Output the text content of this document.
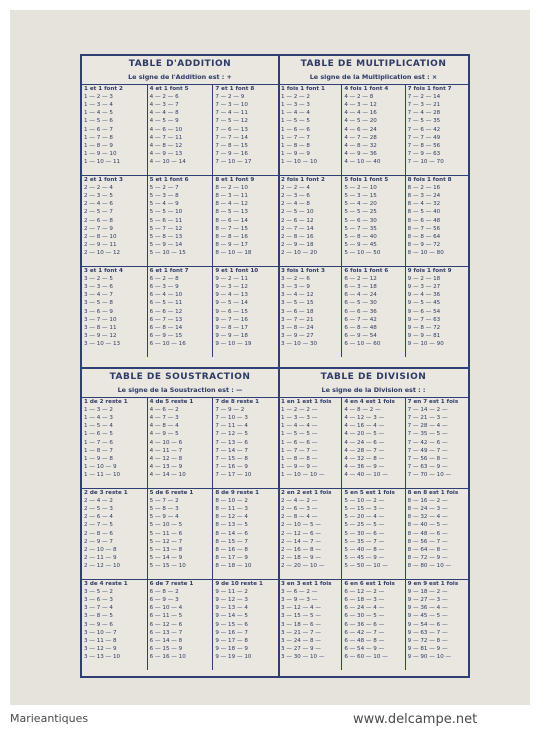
TABLE D'ADDITION
Le signe de l'Addition est : +
1 et 1 font 2
1 — 2 — 3
1 — 3 — 4
1 — 4 — 5
1 — 5 — 6
1 — 6 — 7
1 — 7 — 8
1 — 8 — 9
1 — 9 — 10
1 — 10 — 11
4 et 1 font 5
4 — 2 — 6
4 — 3 — 7
4 — 4 — 8
4 — 5 — 9
4 — 6 — 10
4 — 7 — 11
4 — 8 — 12
4 — 9 — 13
4 — 10 — 14
7 et 1 font 8
7 — 2 — 9
7 — 3 — 10
7 — 4 — 11
7 — 5 — 12
7 — 6 — 13
7 — 7 — 14
7 — 8 — 15
7 — 9 — 16
7 — 10 — 17
2 et 1 font 3
2 — 2 — 4
2 — 3 — 5
2 — 4 — 6
2 — 5 — 7
2 — 6 — 8
2 — 7 — 9
2 — 8 — 10
2 — 9 — 11
2 — 10 — 12
5 et 1 font 6
5 — 2 — 7
5 — 3 — 8
5 — 4 — 9
5 — 5 — 10
5 — 6 — 11
5 — 7 — 12
5 — 8 — 13
5 — 9 — 14
5 — 10 — 15
8 et 1 font 9
8 — 2 — 10
8 — 3 — 11
8 — 4 — 12
8 — 5 — 13
8 — 6 — 14
8 — 7 — 15
8 — 8 — 16
8 — 9 — 17
8 — 10 — 18
3 et 1 font 4
3 — 2 — 5
3 — 3 — 6
3 — 4 — 7
3 — 5 — 8
3 — 6 — 9
3 — 7 — 10
3 — 8 — 11
3 — 9 — 12
3 — 10 — 13
6 et 1 font 7
6 — 2 — 8
6 — 3 — 9
6 — 4 — 10
6 — 5 — 11
6 — 6 — 12
6 — 7 — 13
6 — 8 — 14
6 — 9 — 15
6 — 10 — 16
9 et 1 font 10
9 — 2 — 11
9 — 3 — 12
9 — 4 — 13
9 — 5 — 14
9 — 6 — 15
9 — 7 — 16
9 — 8 — 17
9 — 9 — 18
9 — 10 — 19
TABLE DE MULTIPLICATION
Le signe de la Multiplication est : ×
1 fois 1 font 1
1 — 2 — 2
1 — 3 — 3
1 — 4 — 4
1 — 5 — 5
1 — 6 — 6
1 — 7 — 7
1 — 8 — 8
1 — 9 — 9
1 — 10 — 10
4 fois 1 font 4
4 — 2 — 8
4 — 3 — 12
4 — 4 — 16
4 — 5 — 20
4 — 6 — 24
4 — 7 — 28
4 — 8 — 32
4 — 9 — 36
4 — 10 — 40
7 fois 1 font 7
7 — 2 — 14
7 — 3 — 21
7 — 4 — 28
7 — 5 — 35
7 — 6 — 42
7 — 7 — 49
7 — 8 — 56
7 — 9 — 63
7 — 10 — 70
2 fois 1 font 2
2 — 2 — 4
2 — 3 — 6
2 — 4 — 8
2 — 5 — 10
2 — 6 — 12
2 — 7 — 14
2 — 8 — 16
2 — 9 — 18
2 — 10 — 20
5 fois 1 font 5
5 — 2 — 10
5 — 3 — 15
5 — 4 — 20
5 — 5 — 25
5 — 6 — 30
5 — 7 — 35
5 — 8 — 40
5 — 9 — 45
5 — 10 — 50
8 fois 1 font 8
8 — 2 — 16
8 — 3 — 24
8 — 4 — 32
8 — 5 — 40
8 — 6 — 48
8 — 7 — 56
8 — 8 — 64
8 — 9 — 72
8 — 10 — 80
3 fois 1 font 3
3 — 2 — 6
3 — 3 — 9
3 — 4 — 12
3 — 5 — 15
3 — 6 — 18
3 — 7 — 21
3 — 8 — 24
3 — 9 — 27
3 — 10 — 30
6 fois 1 font 6
6 — 2 — 12
6 — 3 — 18
6 — 4 — 24
6 — 5 — 30
6 — 6 — 36
6 — 7 — 42
6 — 8 — 48
6 — 9 — 54
6 — 10 — 60
9 fois 1 font 9
9 — 2 — 18
9 — 3 — 27
9 — 4 — 36
9 — 5 — 45
9 — 6 — 54
9 — 7 — 63
9 — 8 — 72
9 — 9 — 81
9 — 10 — 90
TABLE DE SOUSTRACTION
Le signe de la Soustraction est : —
1 de 2 reste 1
1 — 3 — 2
1 — 4 — 3
1 — 5 — 4
1 — 6 — 5
1 — 7 — 6
1 — 8 — 7
1 — 9 — 8
1 — 10 — 9
1 — 11 — 10
4 de 5 reste 1
4 — 6 — 2
4 — 7 — 3
4 — 8 — 4
4 — 9 — 5
4 — 10 — 6
4 — 11 — 7
4 — 12 — 8
4 — 13 — 9
4 — 14 — 10
7 de 8 reste 1
7 — 9 — 2
7 — 10 — 3
7 — 11 — 4
7 — 12 — 5
7 — 13 — 6
7 — 14 — 7
7 — 15 — 8
7 — 16 — 9
7 — 17 — 10
2 de 3 reste 1
2 — 4 — 2
2 — 5 — 3
2 — 6 — 4
2 — 7 — 5
2 — 8 — 6
2 — 9 — 7
2 — 10 — 8
2 — 11 — 9
2 — 12 — 10
5 de 6 reste 1
5 — 7 — 2
5 — 8 — 3
5 — 9 — 4
5 — 10 — 5
5 — 11 — 6
5 — 12 — 7
5 — 13 — 8
5 — 14 — 9
5 — 15 — 10
8 de 9 reste 1
8 — 10 — 2
8 — 11 — 3
8 — 12 — 4
8 — 13 — 5
8 — 14 — 6
8 — 15 — 7
8 — 16 — 8
8 — 17 — 9
8 — 18 — 10
3 de 4 reste 1
3 — 5 — 2
3 — 6 — 3
3 — 7 — 4
3 — 8 — 5
3 — 9 — 6
3 — 10 — 7
3 — 11 — 8
3 — 12 — 9
3 — 13 — 10
6 de 7 reste 1
6 — 8 — 2
6 — 9 — 3
6 — 10 — 4
6 — 11 — 5
6 — 12 — 6
6 — 13 — 7
6 — 14 — 8
6 — 15 — 9
6 — 16 — 10
9 de 10 reste 1
9 — 11 — 2
9 — 12 — 3
9 — 13 — 4
9 — 14 — 5
9 — 15 — 6
9 — 16 — 7
9 — 17 — 8
9 — 18 — 9
9 — 19 — 10
TABLE DE DIVISION
Le signe de la Division est : :
1 en 1 est 1 fois
1 — 2 — 2 —
1 — 3 — 3 —
1 — 4 — 4 —
1 — 5 — 5 —
1 — 6 — 6 —
1 — 7 — 7 —
1 — 8 — 8 —
1 — 9 — 9 —
1 — 10 — 10 —
4 en 4 est 1 fois
4 — 8 — 2 —
4 — 12 — 3 —
4 — 16 — 4 —
4 — 20 — 5 —
4 — 24 — 6 —
4 — 28 — 7 —
4 — 32 — 8 —
4 — 36 — 9 —
4 — 40 — 10 —
7 en 7 est 1 fois
7 — 14 — 2 —
7 — 21 — 3 —
7 — 28 — 4 —
7 — 35 — 5 —
7 — 42 — 6 —
7 — 49 — 7 —
7 — 56 — 8 —
7 — 63 — 9 —
7 — 70 — 10 —
2 en 2 est 1 fois
2 — 4 — 2 —
2 — 6 — 3 —
2 — 8 — 4 —
2 — 10 — 5 —
2 — 12 — 6 —
2 — 14 — 7 —
2 — 16 — 8 —
2 — 18 — 9 —
2 — 20 — 10 —
5 en 5 est 1 fois
5 — 10 — 2 —
5 — 15 — 3 —
5 — 20 — 4 —
5 — 25 — 5 —
5 — 30 — 6 —
5 — 35 — 7 —
5 — 40 — 8 —
5 — 45 — 9 —
5 — 50 — 10 —
8 en 8 est 1 fois
8 — 16 — 2 —
8 — 24 — 3 —
8 — 32 — 4 —
8 — 40 — 5 —
8 — 48 — 6 —
8 — 56 — 7 —
8 — 64 — 8 —
8 — 72 — 9 —
8 — 80 — 10 —
3 en 3 est 1 fois
3 — 6 — 2 —
3 — 9 — 3 —
3 — 12 — 4 —
3 — 15 — 5 —
3 — 18 — 6 —
3 — 21 — 7 —
3 — 24 — 8 —
3 — 27 — 9 —
3 — 30 — 10 —
6 en 6 est 1 fois
6 — 12 — 2 —
6 — 18 — 3 —
6 — 24 — 4 —
6 — 30 — 5 —
6 — 36 — 6 —
6 — 42 — 7 —
6 — 48 — 8 —
6 — 54 — 9 —
6 — 60 — 10 —
9 en 9 est 1 fois
9 — 18 — 2 —
9 — 27 — 3 —
9 — 36 — 4 —
9 — 45 — 5 —
9 — 54 — 6 —
9 — 63 — 7 —
9 — 72 — 8 —
9 — 81 — 9 —
9 — 90 — 10 —
Marieantiques	www.delcampe.net
